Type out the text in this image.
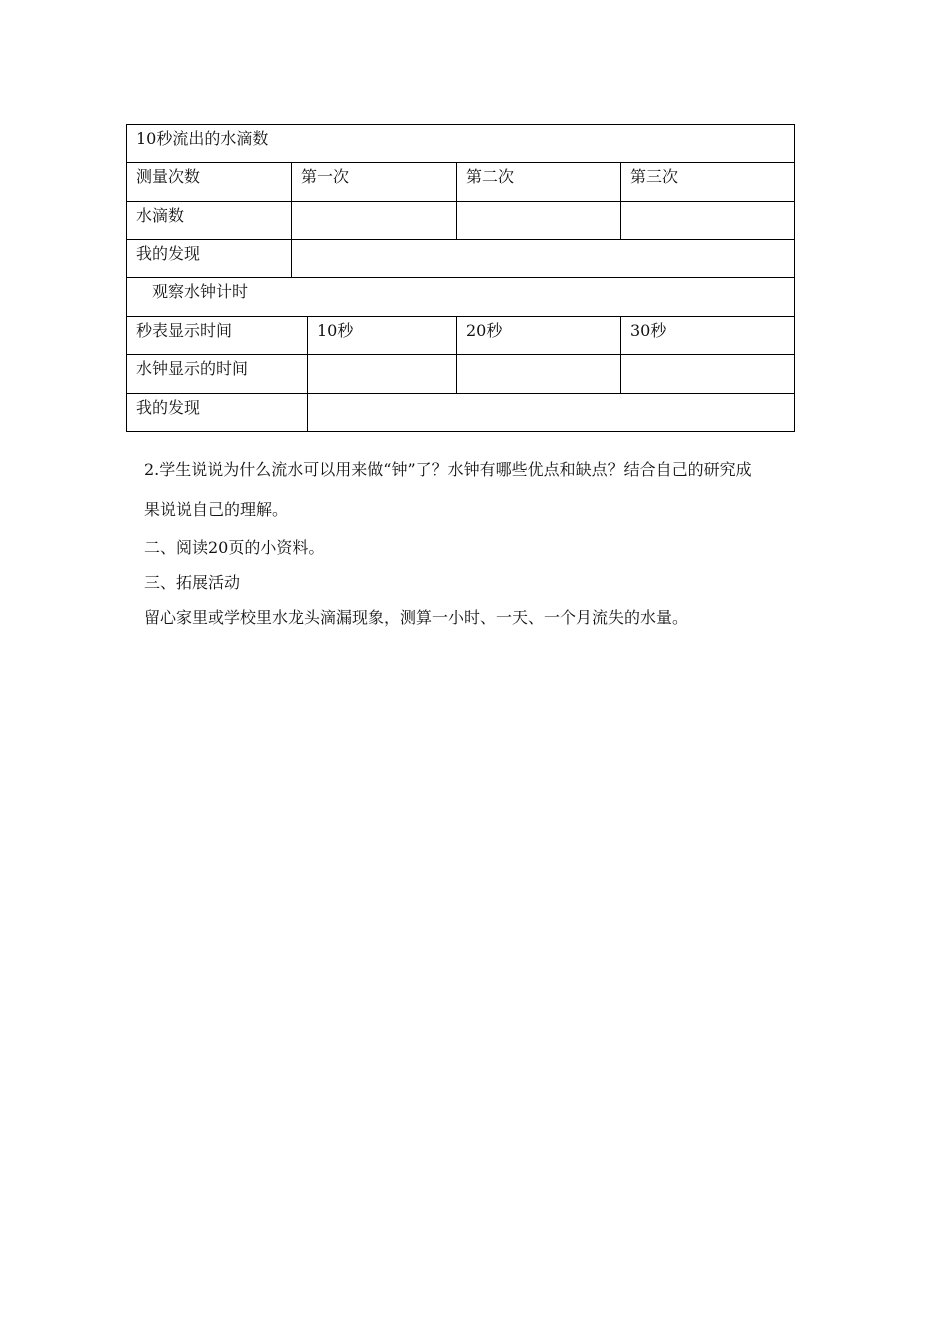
10秒流出的水滴数
测量次数	第一次	第二次	第三次
水滴数
我的发现
观察水钟计时
秒表显示时间	10秒	20秒	30秒
水钟显示的时间
我的发现
2.学生说说为什么流水可以用来做“钟”了？水钟有哪些优点和缺点？结合自己的研究成
果说说自己的理解。
二、阅读20页的小资料。
三、拓展活动
留心家里或学校里水龙头滴漏现象，测算一小时、一天、一个月流失的水量。
